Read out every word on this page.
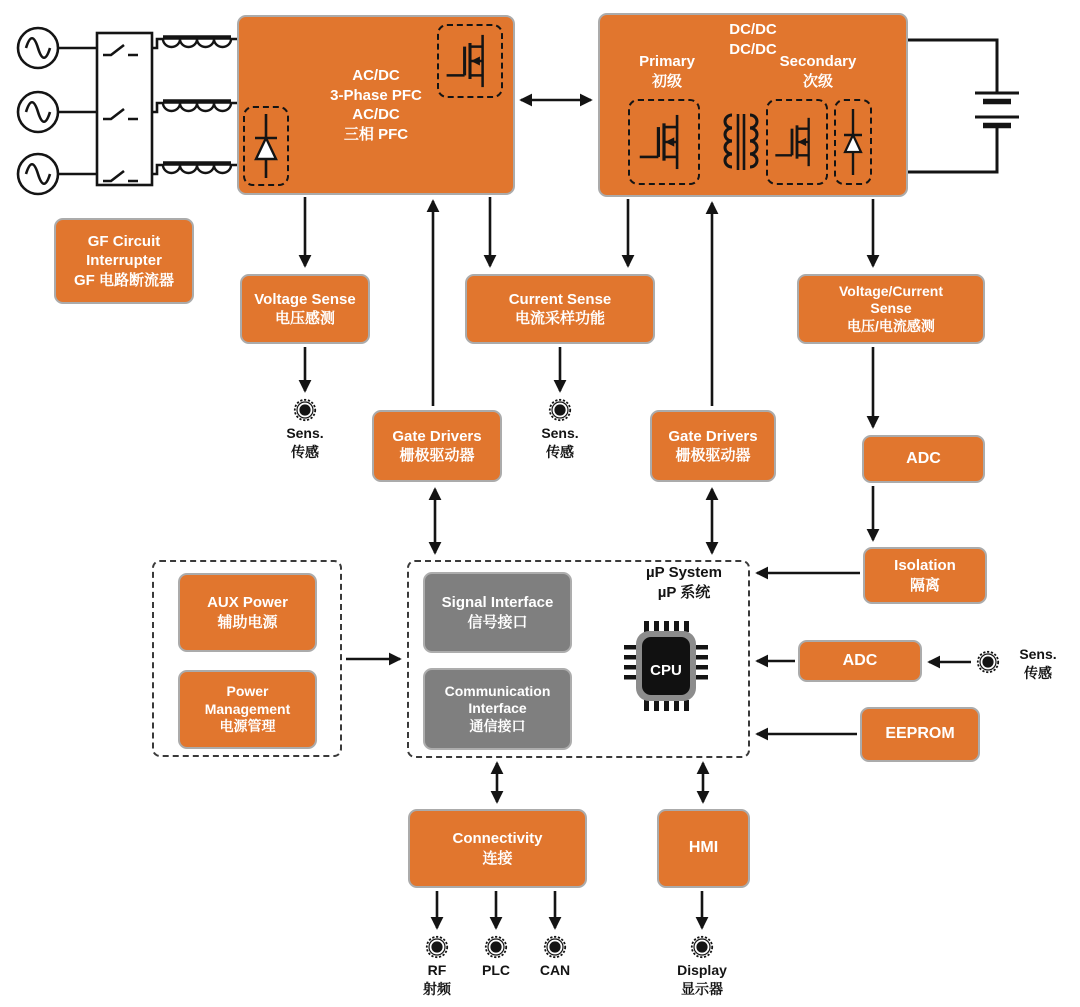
AC/DC
3-Phase PFC
AC/DC
三相 PFC
DC/DC
DC/DC
Primary
初级
Secondary
次级
GF Circuit
Interrupter
GF 电路断流器
Voltage Sense
电压感测
Current Sense
电流采样功能
Voltage/Current
Sense
电压/电流感测
Gate Drivers
栅极驱动器
Gate Drivers
栅极驱动器	ADC
Isolation
隔离
ADC
EEPROM
AUX Power
辅助电源
Power
Management
电源管理
µP System
µP 系统
Signal Interface
信号接口
Communication
Interface
通信接口
CPU
Connectivity
连接
HMI
Sens.
传感
Sens.
传感
Sens.
传感
RF
射频
PLC	CAN	Display
显示器
